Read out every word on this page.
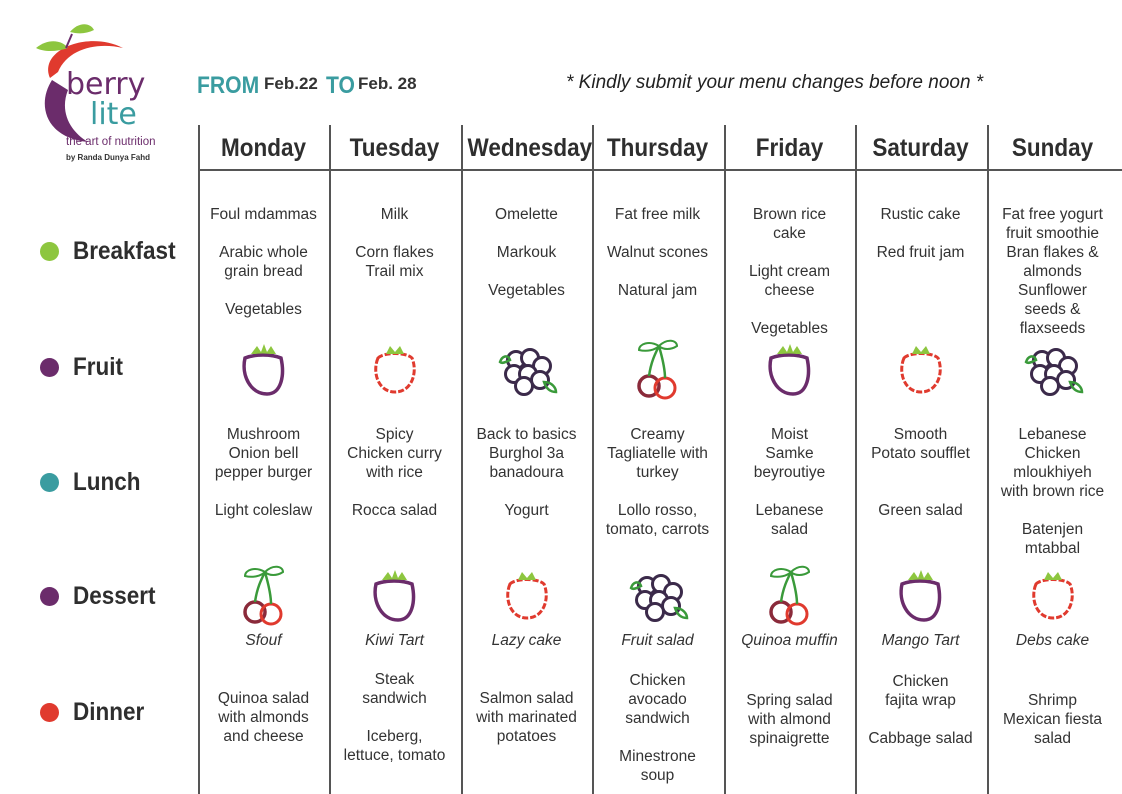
berry
lite
the art of nutrition
by Randa Dunya Fahd
FROM Feb.22 TO Feb. 28	* Kindly submit your menu changes before noon *
Breakfast
Fruit
Lunch
Dessert
Dinner
Monday
Foul mdammas
Arabic whole
grain bread
Vegetables
Mushroom
Onion bell
pepper burger
Light coleslaw
Quinoa salad
with almonds
and cheese
Sfouf
Tuesday
Milk
Corn flakes
Trail mix
Spicy
Chicken curry
with rice
Rocca salad
Steak
sandwich
Iceberg,
lettuce, tomato
Kiwi Tart
Wednesday
Omelette
Markouk
Vegetables
Back to basics
Burghol 3a
banadoura
Yogurt
Salmon salad
with marinated
potatoes
Lazy cake
Thursday
Fat free milk
Walnut scones
Natural jam
Creamy
Tagliatelle with
turkey
Lollo rosso,
tomato, carrots
Chicken
avocado
sandwich
Minestrone
soup
Fruit salad
Friday
Brown rice
cake
Light cream
cheese
Vegetables
Moist
Samke
beyroutiye
Lebanese
salad
Spring salad
with almond
spinaigrette
Quinoa muffin
Saturday
Rustic cake
Red fruit jam
Smooth
Potato soufflet
Green salad
Chicken
fajita wrap
Cabbage salad
Mango Tart
Sunday
Fat free yogurt
fruit smoothie
Bran flakes &
almonds
Sunflower
seeds &
flaxseeds
Lebanese
Chicken
mloukhiyeh
with brown rice
Batenjen
mtabbal
Shrimp
Mexican fiesta
salad
Debs cake
